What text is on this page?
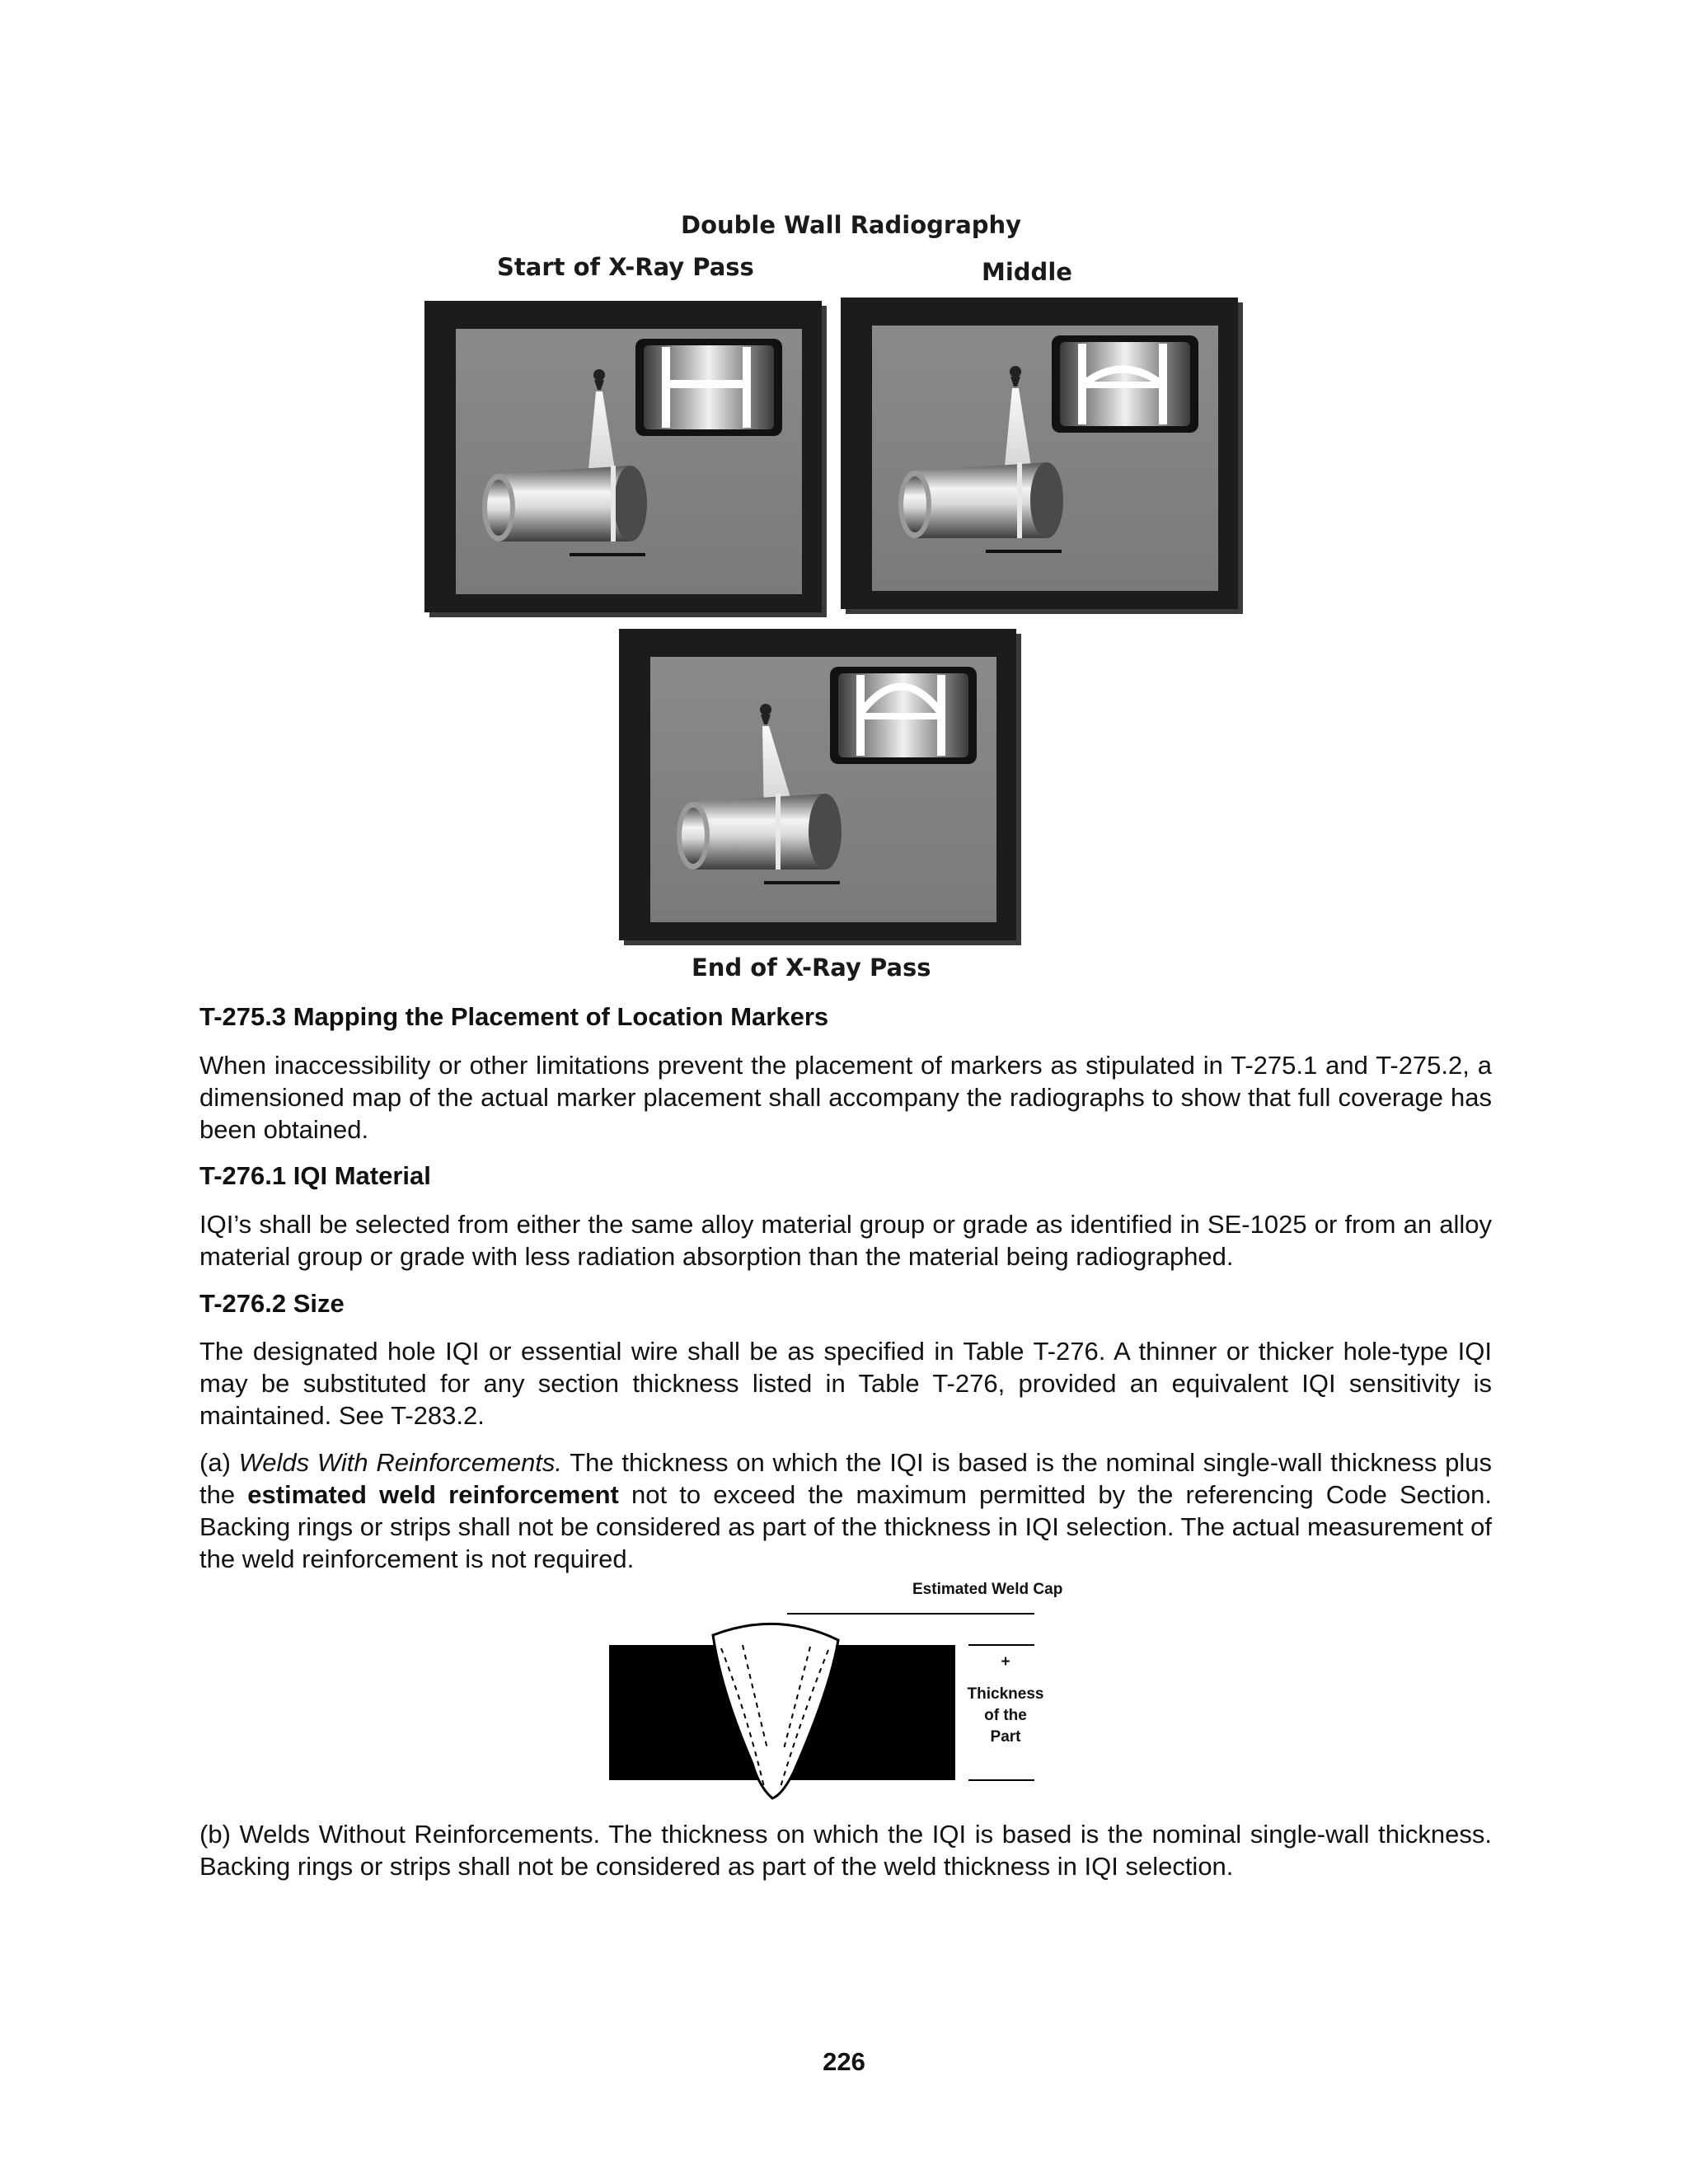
Double Wall Radiography
Start of X-Ray Pass	Middle
End of X-Ray Pass
T-275.3 Mapping the Placement of Location Markers

When inaccessibility or other limitations prevent the placement of markers as stipulated in T-275.1 and T-275.2, a dimensioned map of the actual marker placement shall accompany the radiographs to show that full coverage has been obtained.

T-276.1 IQI Material

IQI’s shall be selected from either the same alloy material group or grade as identified in SE-1025 or from an alloy material group or grade with less radiation absorption than the material being radiographed.

T-276.2 Size

The designated hole IQI or essential wire shall be as specified in Table T-276. A thinner or thicker hole-type IQI may be substituted for any section thickness listed in Table T-276, provided an equivalent IQI sensitivity is maintained. See T-283.2.

(a) Welds With Reinforcements. The thickness on which the IQI is based is the nominal single-wall thickness plus the estimated weld reinforcement not to exceed the maximum permitted by the referencing Code Section. Backing rings or strips shall not be considered as part of the thickness in IQI selection. The actual measurement of the weld reinforcement is not required.

Estimated Weld Cap
+
Thickness
of the
Part

(b) Welds Without Reinforcements. The thickness on which the IQI is based is the nominal single-wall thickness. Backing rings or strips shall not be considered as part of the weld thickness in IQI selection.

226
